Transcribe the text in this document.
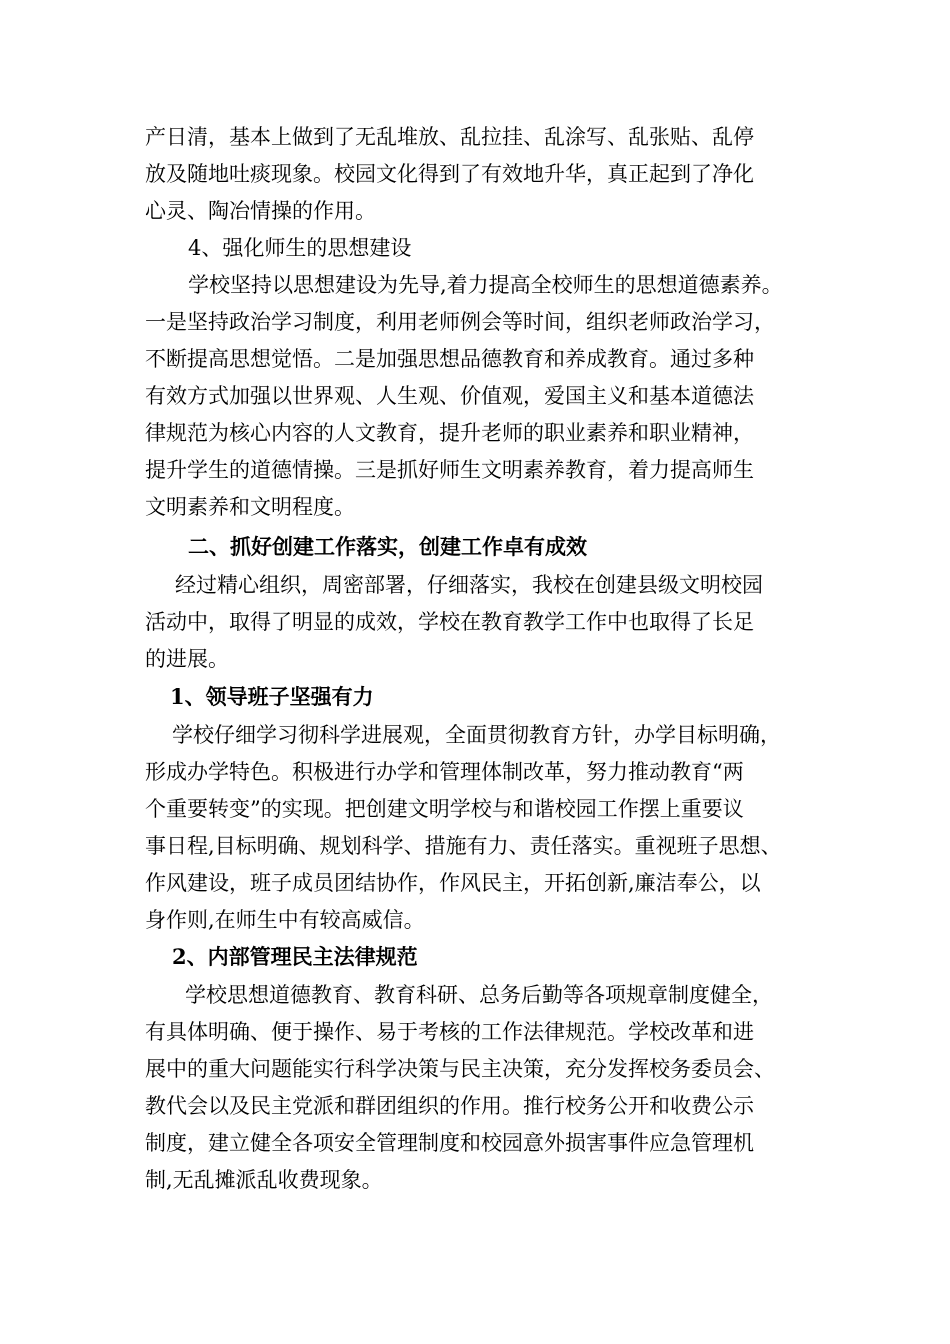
产日清，基本上做到了无乱堆放、乱拉挂、乱涂写、乱张贴、乱停
放及随地吐痰现象。校园文化得到了有效地升华，真正起到了净化
心灵、陶冶情操的作用。
4、强化师生的思想建设
学校坚持以思想建设为先导,着力提高全校师生的思想道德素养。
一是坚持政治学习制度，利用老师例会等时间，组织老师政治学习，
不断提高思想觉悟。二是加强思想品德教育和养成教育。通过多种
有效方式加强以世界观、人生观、价值观，爱国主义和基本道德法
律规范为核心内容的人文教育，提升老师的职业素养和职业精神，
提升学生的道德情操。三是抓好师生文明素养教育，着力提高师生
文明素养和文明程度。
二、抓好创建工作落实，创建工作卓有成效
经过精心组织，周密部署，仔细落实，我校在创建县级文明校园
活动中，取得了明显的成效，学校在教育教学工作中也取得了长足
的进展。
1、领导班子坚强有力
学校仔细学习彻科学进展观，全面贯彻教育方针，办学目标明确，
形成办学特色。积极进行办学和管理体制改革，努力推动教育“两
个重要转变”的实现。把创建文明学校与和谐校园工作摆上重要议
事日程,目标明确、规划科学、措施有力、责任落实。重视班子思想、
作风建设，班子成员团结协作，作风民主，开拓创新,廉洁奉公，以
身作则,在师生中有较高威信。
2、内部管理民主法律规范
学校思想道德教育、教育科研、总务后勤等各项规章制度健全，
有具体明确、便于操作、易于考核的工作法律规范。学校改革和进
展中的重大问题能实行科学决策与民主决策，充分发挥校务委员会、
教代会以及民主党派和群团组织的作用。推行校务公开和收费公示
制度，建立健全各项安全管理制度和校园意外损害事件应急管理机
制,无乱摊派乱收费现象。
